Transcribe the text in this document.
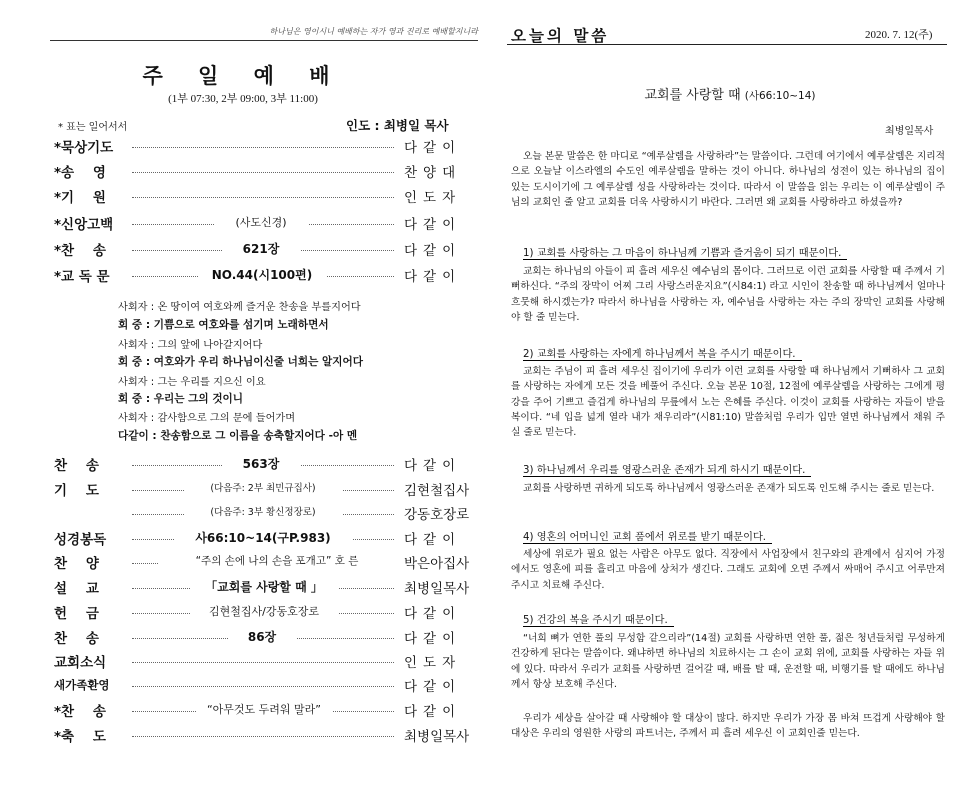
하나님은 영이시니 예배하는 자가 영과 진리로 예배할지니라
주 일 예 배
(1부 07:30, 2부 09:00, 3부 11:00)
* 표는 일어서서	인도 : 최병일 목사
*묵상기도	다같이
*송    영	찬양대
*기    원	인도자
*신앙고백	(사도신경)	다같이
*찬    송	621장	다같이
*교 독 문	NO.44(시100편)	다같이
사회자 : 온 땅이여 여호와께 즐거운 찬송을 부를지어다
회 중 : 기쁨으로 여호와를 섬기며 노래하면서
사회자 : 그의 앞에 나아갈지어다
회 중 : 여호와가 우리 하나님이신줄 너희는 알지어다
사회자 : 그는 우리를 지으신 이요
회 중 : 우리는 그의 것이니
사회자 : 감사함으로 그의 문에 들어가며
다같이 : 찬송함으로 그 이름을 송축할지어다 -아 멘
찬    송	563장	다같이
기    도	(다음주: 2부 최민규집사)	김현철집사
(다음주: 3부 황신정장로)	강동호장로
성경봉독	사66:10~14(구P.983)	다같이
찬    양	“주의 손에 나의 손을 포개고” 호 른	박은아집사
설    교	「교회를 사랑할 때 」	최병일목사
헌    금	김현철집사/강동호장로	다같이
찬    송	86장	다같이
교회소식	인도자
새가족환영	다같이
*찬    송	“아무것도 두려워 말라”	다같이
*축    도	최병일목사
오늘의 말씀	2020. 7. 12(주)
교회를 사랑할 때 (사66:10~14)
최병일목사

오늘 본문 말씀은 한 마디로 “예루살렘을 사랑하라”는 말씀이다. 그런데 여기에서 예루살렘은 지리적으로 오늘날 이스라엘의 수도인 예루살렘을 말하는 것이 아니다. 하나님의 성전이 있는 하나님의 집이 있는 도시이기에 그 예루살렘 성을 사랑하라는 것이다. 따라서 이 말씀을 읽는 우리는 이 예루살렘이 주님의 교회인 줄 알고 교회를 더욱 사랑하시기 바란다. 그러면 왜 교회를 사랑하라고 하셨을까?

1) 교회를 사랑하는 그 마음이 하나님께 기쁨과 즐거움이 되기 때문이다.

교회는 하나님의 아들이 피 흘려 세우신 예수님의 몸이다. 그러므로 이런 교회를 사랑할 때 주께서 기뻐하신다. “주의 장막이 어찌 그리 사랑스러운지요”(시84:1) 라고 시인이 찬송할 때 하나님께서 얼마나 흐뭇해 하시겠는가? 따라서 하나님을 사랑하는 자, 예수님을 사랑하는 자는 주의 장막인 교회를 사랑해야 할 줄 믿는다.

2) 교회를 사랑하는 자에게 하나님께서 복을 주시기 때문이다.

교회는 주님이 피 흘려 세우신 집이기에 우리가 이런 교회를 사랑할 때 하나님께서 기뻐하사 그 교회를 사랑하는 자에게 모든 것을 베풀어 주신다. 오늘 본문 10절, 12절에 예루살렘을 사랑하는 그에게 평강을 주어 기쁘고 즐겁게 하나님의 무릎에서 노는 은혜를 주신다. 이것이 교회를 사랑하는 자들이 받을 복이다. “네 입을 넓게 열라 내가 채우리라”(시81:10) 말씀처럼 우리가 입만 열면 하나님께서 채워 주실 줄로 믿는다.

3) 하나님께서 우리를 영광스러운 존재가 되게 하시기 때문이다.

교회를 사랑하면 귀하게 되도록 하나님께서 영광스러운 존재가 되도록 인도해 주시는 줄로 믿는다.

4) 영혼의 어머니인 교회 품에서 위로를 받기 때문이다.

세상에 위로가 필요 없는 사람은 아무도 없다. 직장에서 사업장에서 친구와의 관계에서 심지어 가정에서도 영혼에 피를 흘리고 마음에 상처가 생긴다. 그래도 교회에 오면 주께서 싸매어 주시고 어루만져 주시고 치료해 주신다.

5) 건강의 복을 주시기 때문이다.

“너희 뼈가 연한 풀의 무성함 같으리라”(14절) 교회를 사랑하면 연한 풀, 젊은 청년들처럼 무성하게 건강하게 된다는 말씀이다. 왜냐하면 하나님의 치료하시는 그 손이 교회 위에, 교회를 사랑하는 자들 위에 있다. 따라서 우리가 교회를 사랑하면 걸어갈 때, 배를 탈 때, 운전할 때, 비행기를 탈 때에도 하나님께서 항상 보호해 주신다.

우리가 세상을 살아갈 때 사랑해야 할 대상이 많다. 하지만 우리가 가장 몸 바쳐 뜨겁게 사랑해야 할 대상은 우리의 영원한 사랑의 파트너는, 주께서 피 흘려 세우신 이 교회인줄 믿는다.
